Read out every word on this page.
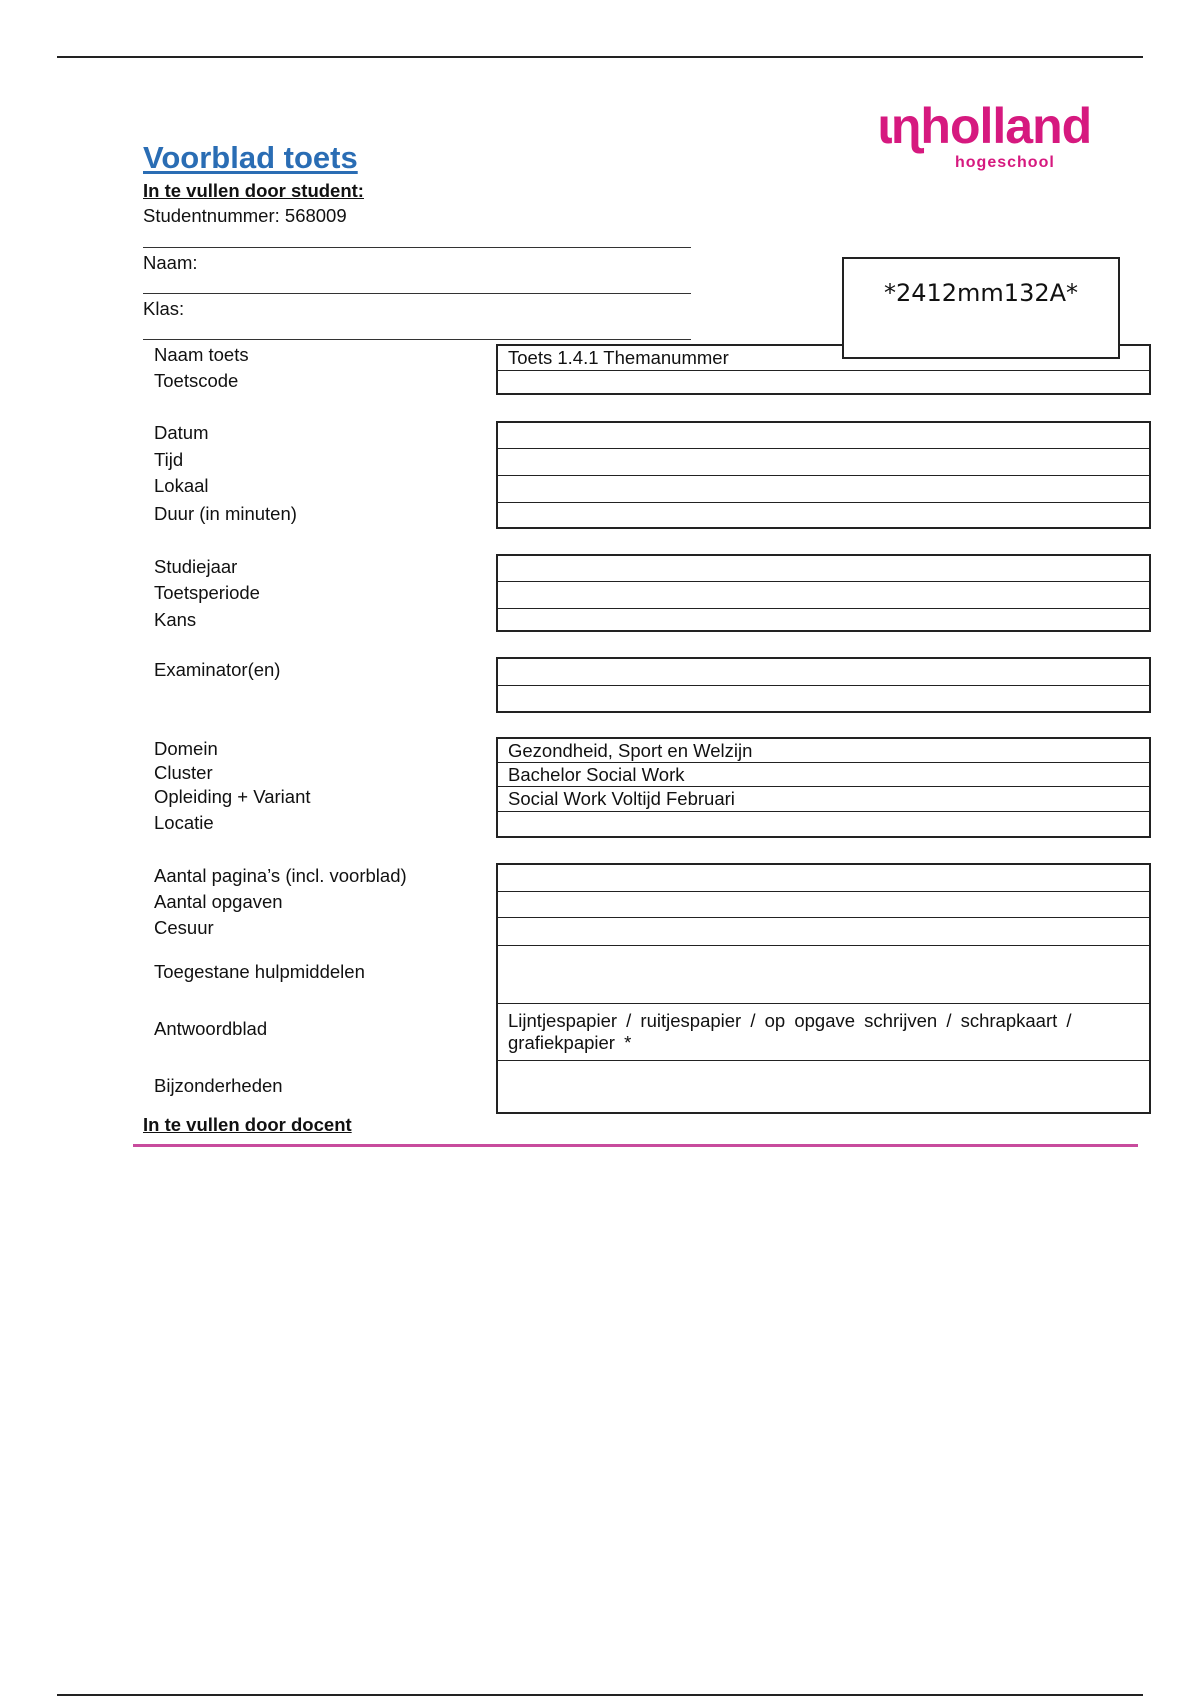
ɩɳholland
hogeschool
Voorblad toets
In te vullen door student:
Studentnummer: 568009
Naam:
Klas:
*2412mm132A*
Naam toets
Toetscode
Toets 1.4.1 Themanummer
Datum
Tijd
Lokaal
Duur (in minuten)
Studiejaar
Toetsperiode
Kans
Examinator(en)
Domein
Cluster
Opleiding + Variant
Locatie
Gezondheid, Sport en Welzijn
Bachelor Social Work
Social Work Voltijd Februari
Aantal pagina’s (incl. voorblad)
Aantal opgaven
Cesuur
Toegestane hulpmiddelen
Antwoordblad
Bijzonderheden
Lijntjespapier / ruitjespapier / op opgave schrijven / schrapkaart / grafiekpapier *
In te vullen door docent
